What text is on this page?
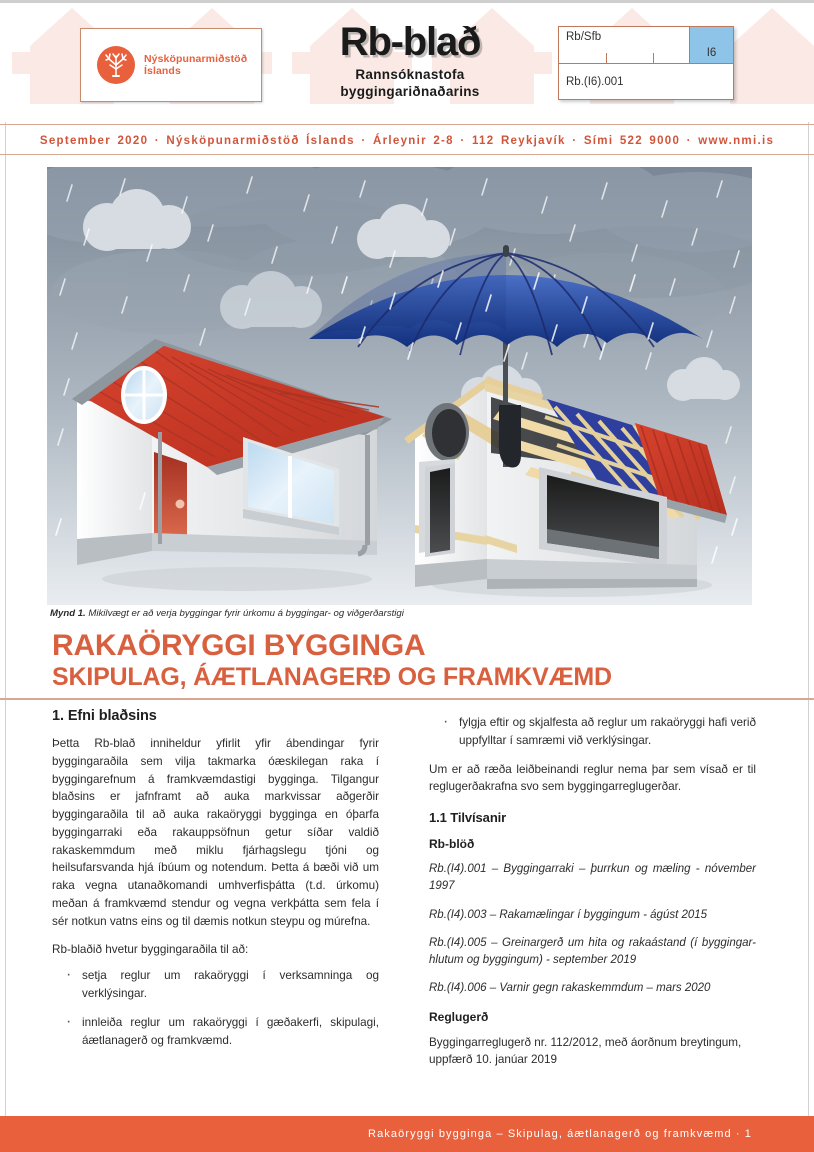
Nýsköpunarmiðstöð
Íslands
Rb-blað
Rannsóknastofa
byggingariðnaðarins
Rb/Sfb
I6
Rb.(I6).001
September 2020 · Nýsköpunarmiðstöð Íslands · Árleynir 2-8 · 112 Reykjavík · Sími 522 9000 · www.nmi.is
Mynd 1. Mikilvægt er að verja byggingar fyrir úrkomu á byggingar- og viðgerðarstigi
RAKAÖRYGGI BYGGINGA
SKIPULAG, ÁÆTLANAGERÐ OG FRAMKVÆMD
1. Efni blaðsins

Þetta Rb-blað inniheldur yfirlit yfir ábendingar fyrir byggingaraðila sem vilja takmarka óæskilegan raka í byggingarefnum á framkvæmdastigi bygginga. Tilgangur blaðsins er jafnframt að auka markvissar aðgerðir byggingaraðila til að auka rakaöryggi bygginga en óþarfa byggingarraki eða rakauppsöfnun getur síðar valdið rakaskemmdum með miklu fjárhagslegu tjóni og heilsufarsvanda hjá íbúum og notendum. Þetta á bæði við um raka vegna utanaðkomandi umhverfisþátta (t.d. úrkomu) meðan á framkvæmd stendur og vegna verkþátta sem fela í sér notkun vatns eins og til dæmis notkun steypu og múrefna.

Rb-blaðið hvetur byggingaraðila til að:

· setja reglur um rakaöryggi í verksamninga og verklýsingar.
· innleiða reglur um rakaöryggi í gæðakerfi, skipulagi, áætlanagerð og framkvæmd.
· fylgja eftir og skjalfesta að reglur um rakaöryggi hafi verið uppfylltar í samræmi við verklýsingar.

Um er að ræða leiðbeinandi reglur nema þar sem vísað er til reglugerðakrafna svo sem byggingarreglugerðar.

1.1 Tilvísanir
Rb-blöð

Rb.(I4).001 – Byggingarraki – þurrkun og mæling - nóvember 1997

Rb.(I4).003 – Rakamælingar í byggingum - ágúst 2015

Rb.(I4).005 – Greinargerð um hita og rakaástand (í byggingar-hlutum og byggingum) - september 2019

Rb.(I4).006 – Varnir gegn rakaskemmdum – mars 2020

Reglugerð

Byggingarreglugerð nr. 112/2012, með áorðnum breytingum, uppfærð 10. janúar 2019

Rakaöryggi bygginga – Skipulag, áætlanagerð og framkvæmd · 1
